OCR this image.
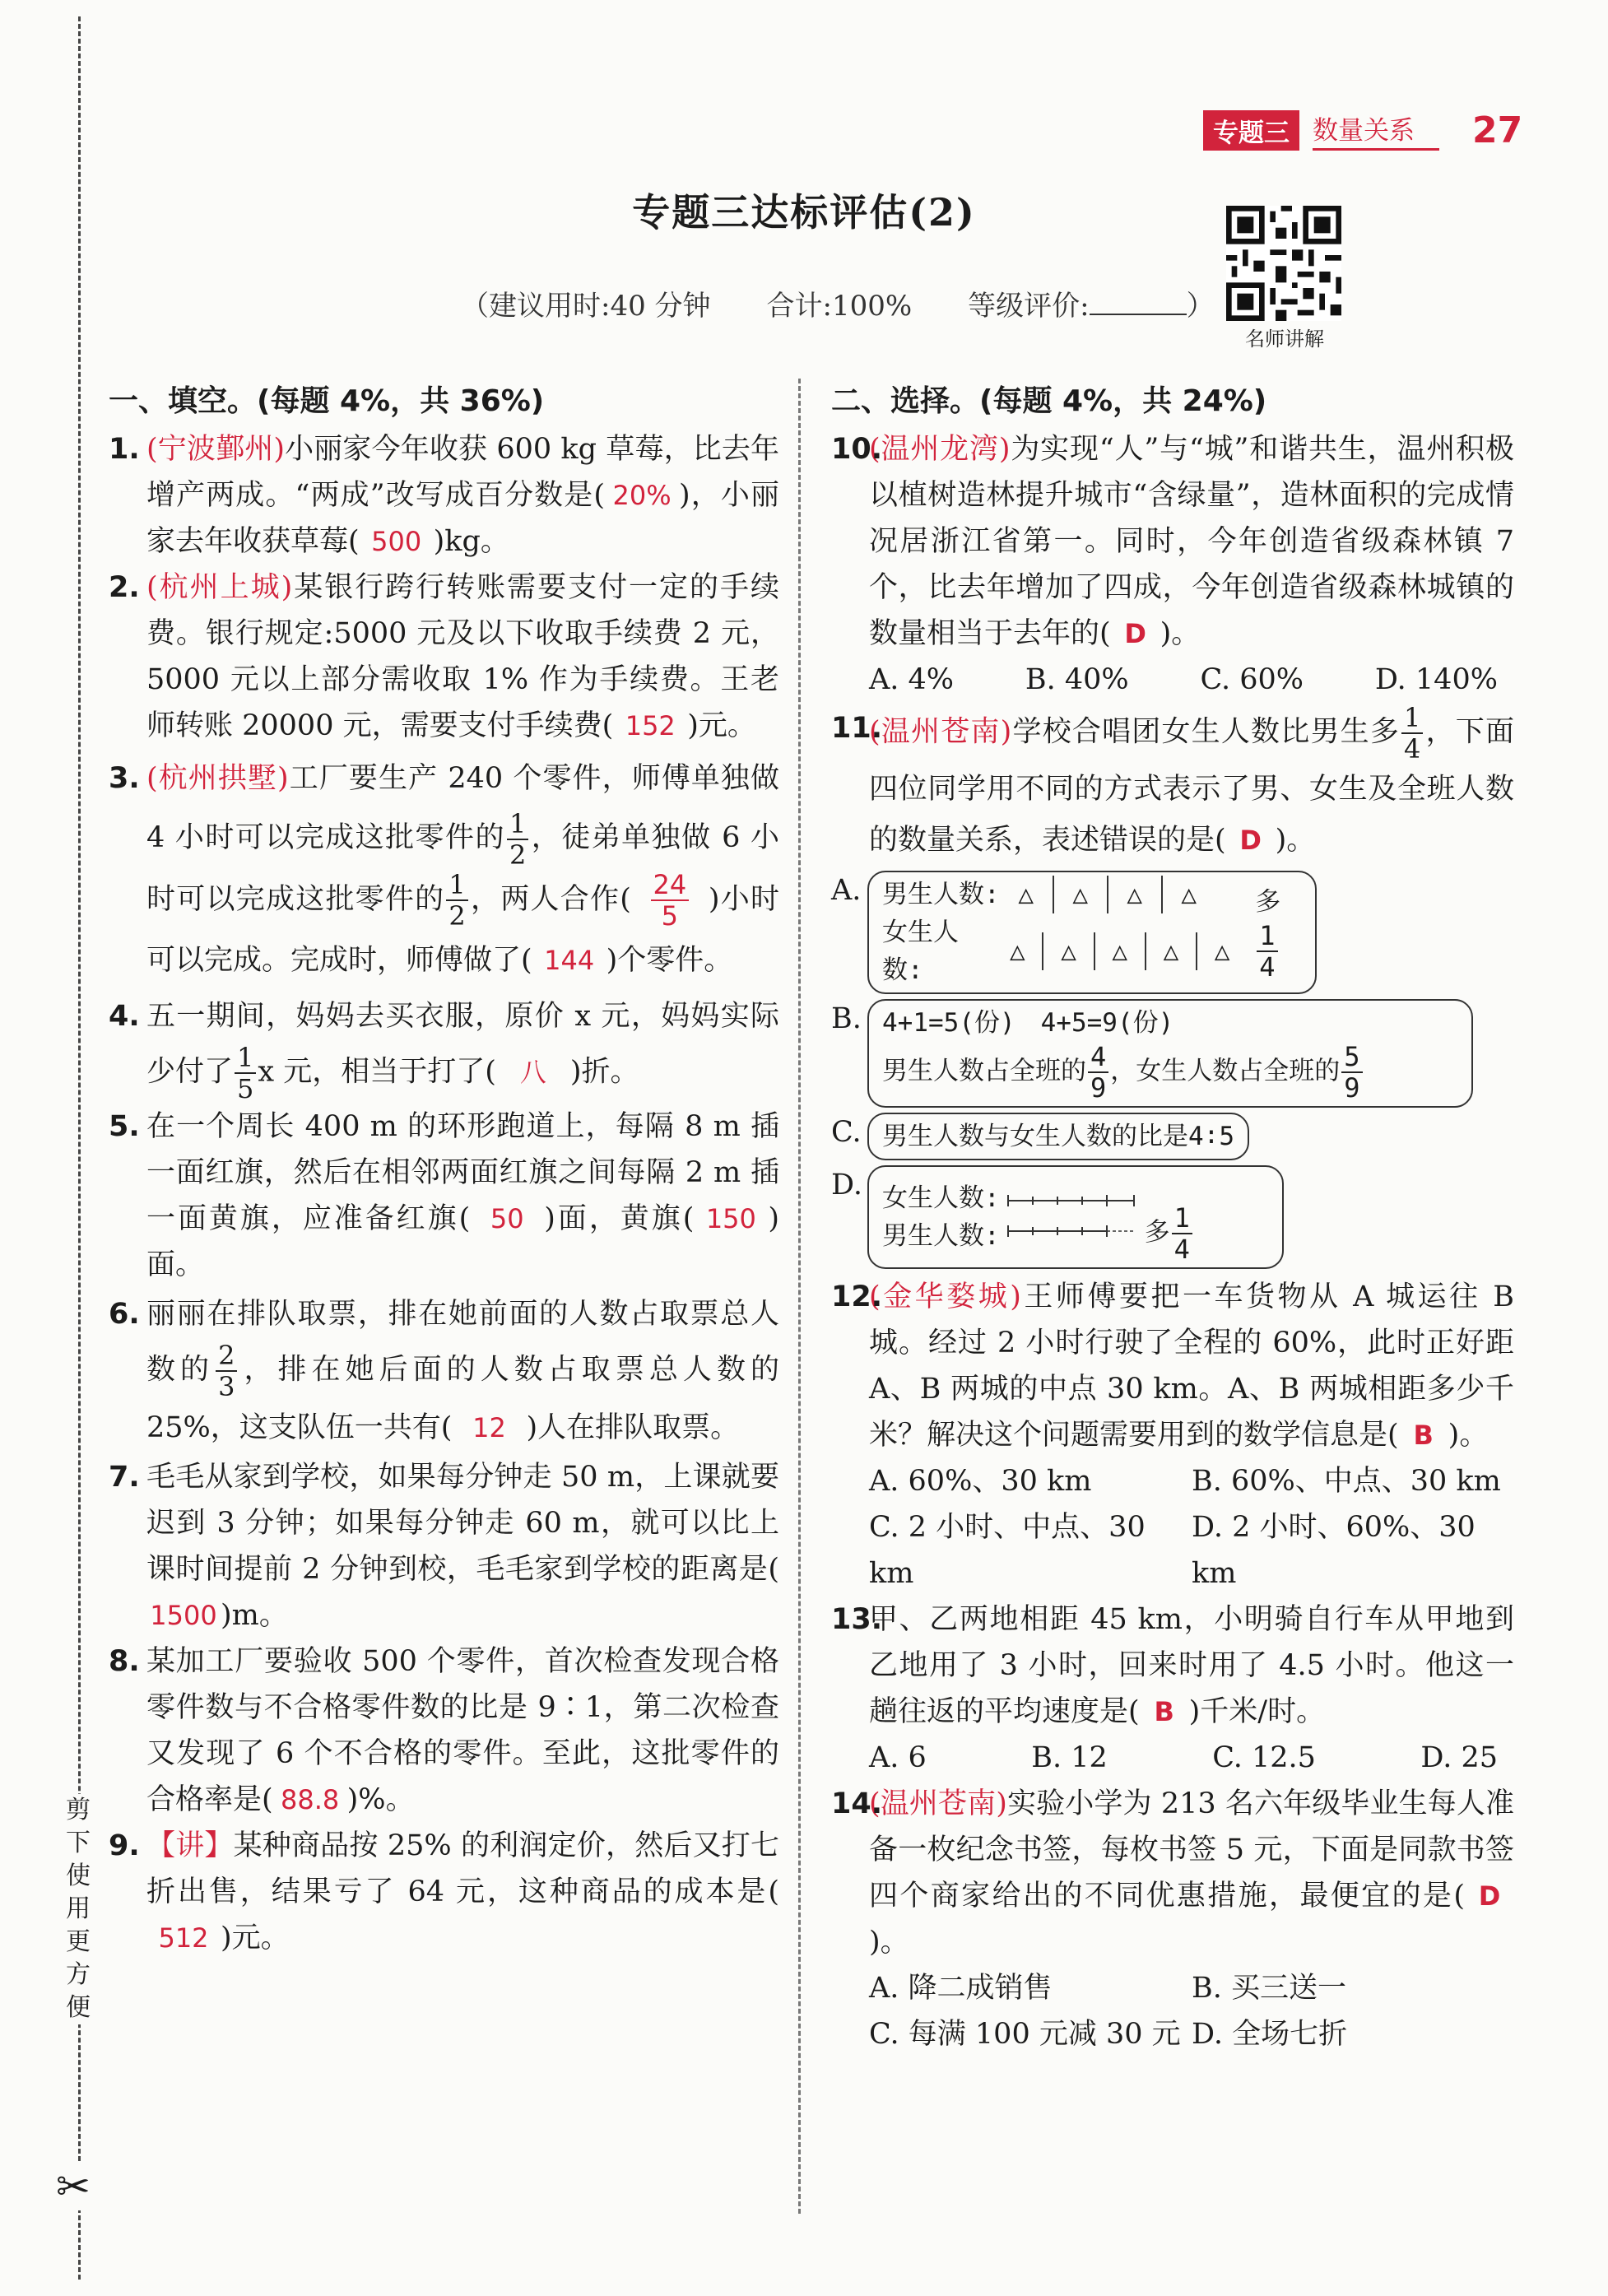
剪下使用更方便
✂
专题三 数量关系	27
专题三达标评估(2)
（建议用时:40 分钟　　合计:100%　　等级评价:	）
名师讲解
一、填空。(每题 4%，共 36%)
1. (宁波鄞州)小丽家今年收获 600 kg 草莓，比去年增产两成。“两成”改写成百分数是( 20% )，小丽家去年收获草莓( 500 )kg。
2. (杭州上城)某银行跨行转账需要支付一定的手续费。银行规定:5000 元及以下收取手续费 2 元，5000 元以上部分需收取 1% 作为手续费。王老师转账 20000 元，需要支付手续费( 152 )元。
3. (杭州拱墅)工厂要生产 240 个零件，师傅单独做 4 小时可以完成这批零件的 $\frac{1}{2}$ ，徒弟单独做 6 小时可以完成这批零件的 $\frac{1}{2}$ ，两人合作( $\frac{24}{5}$ )小时可以完成。完成时，师傅做了( 144 )个零件。
4. 五一期间，妈妈去买衣服，原价 x 元，妈妈实际少付了 $\frac{1}{5}$ x 元，相当于打了( 八 )折。
5. 在一个周长 400 m 的环形跑道上，每隔 8 m 插一面红旗，然后在相邻两面红旗之间每隔 2 m 插一面黄旗，应准备红旗( 50 )面，黄旗( 150 )面。
6. 丽丽在排队取票，排在她前面的人数占取票总人数的 $\frac{2}{3}$ ，排在她后面的人数占取票总人数的 25%，这支队伍一共有( 12 )人在排队取票。
7. 毛毛从家到学校，如果每分钟走 50 m，上课就要迟到 3 分钟；如果每分钟走 60 m，就可以比上课时间提前 2 分钟到校，毛毛家到学校的距离是(1500 )m。
8. 某加工厂要验收 500 个零件，首次检查发现合格零件数与不合格零件数的比是 9∶1，第二次检查又发现了 6 个不合格的零件。至此，这批零件的合格率是( 88.8 )%。
9. 【讲】某种商品按 25% 的利润定价，然后又打七折出售，结果亏了 64 元，这种商品的成本是(512 )元。
二、选择。(每题 4%，共 24%)
10.
(温州龙湾)为实现“人”与“城”和谐共生，温州积极以植树造林提升城市“含绿量”，造林面积的完成情况居浙江省第一。同时，今年创造省级森林镇 7 个，比去年增加了四成，今年创造省级森林城镇的数量相当于去年的( D )。
A. 4% B. 40% C. 60% D. 140%
11.
(温州苍南)学校合唱团女生人数比男生多 $\frac{1}{4}$ ，下面四位同学用不同的方式表示了男、女生及全班人数的数量关系，表述错误的是( D )。
A. 男生人数: △	△	△	△
女生人数:
△	△	△	△	△
多
$\frac{1}{4}$
B. 4+1=5(份)　4+5=9(份)
男生人数占全班的 $\frac{4}{9}$ ，女生人数占全班的 $\frac{5}{9}$
C. 男生人数与女生人数的比是4∶5
D. 女生人数:
男生人数:	多 $\frac{1}{4}$
12.
(金华婺城)王师傅要把一车货物从 A 城运往 B 城。经过 2 小时行驶了全程的 60%，此时正好距 A、B 两城的中点 30 km。A、B 两城相距多少千米？解决这个问题需要用到的数学信息是( B )。
A. 60%、30 km	B. 60%、中点、30 km
C. 2 小时、中点、30 km
D. 2 小时、60%、30 km
13.
甲、乙两地相距 45 km，小明骑自行车从甲地到乙地用了 3 小时，回来时用了 4.5 小时。他这一趟往返的平均速度是( B )千米/时。
A. 6	B. 12	C. 12.5	D. 25
14.
(温州苍南)实验小学为 213 名六年级毕业生每人准备一枚纪念书签，每枚书签 5 元，下面是同款书签四个商家给出的不同优惠措施，最便宜的是( D)。
A. 降二成销售	B. 买三送一
C. 每满 100 元减 30 元 D. 全场七折
